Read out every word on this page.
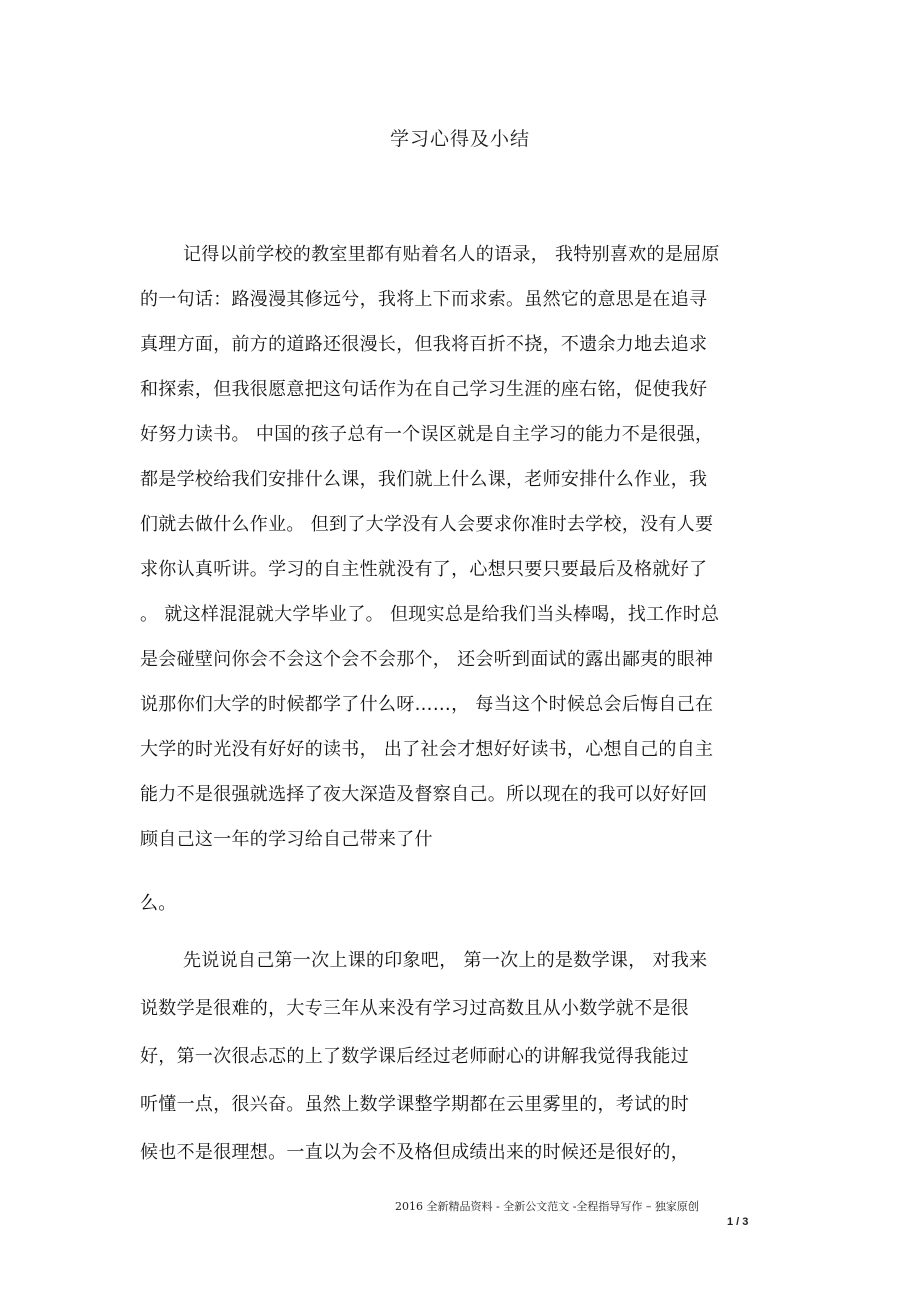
学习心得及小结
记得以前学校的教室里都有贴着名人的语录， 我特别喜欢的是屈原
的一句话：路漫漫其修远兮，我将上下而求索。虽然它的意思是在追寻
真理方面，前方的道路还很漫长，但我将百折不挠，不遗余力地去追求
和探索，但我很愿意把这句话作为在自己学习生涯的座右铭，促使我好
好努力读书。 中国的孩子总有一个误区就是自主学习的能力不是很强，
都是学校给我们安排什么课，我们就上什么课，老师安排什么作业，我
们就去做什么作业。 但到了大学没有人会要求你准时去学校，没有人要
求你认真听讲。学习的自主性就没有了，心想只要只要最后及格就好了
。 就这样混混就大学毕业了。 但现实总是给我们当头棒喝，找工作时总
是会碰壁问你会不会这个会不会那个， 还会听到面试的露出鄙夷的眼神
说那你们大学的时候都学了什么呀……， 每当这个时候总会后悔自己在
大学的时光没有好好的读书， 出了社会才想好好读书，心想自己的自主
能力不是很强就选择了夜大深造及督察自己。所以现在的我可以好好回
顾自己这一年的学习给自己带来了什
么。
先说说自己第一次上课的印象吧， 第一次上的是数学课， 对我来
说数学是很难的，大专三年从来没有学习过高数且从小数学就不是很
好，第一次很忐忑的上了数学课后经过老师耐心的讲解我觉得我能过
听懂一点，很兴奋。虽然上数学课整学期都在云里雾里的，考试的时
候也不是很理想。一直以为会不及格但成绩出来的时候还是很好的，
2016 全新精品资料 - 全新公文范文 -全程指导写作 – 独家原创
1 / 3
